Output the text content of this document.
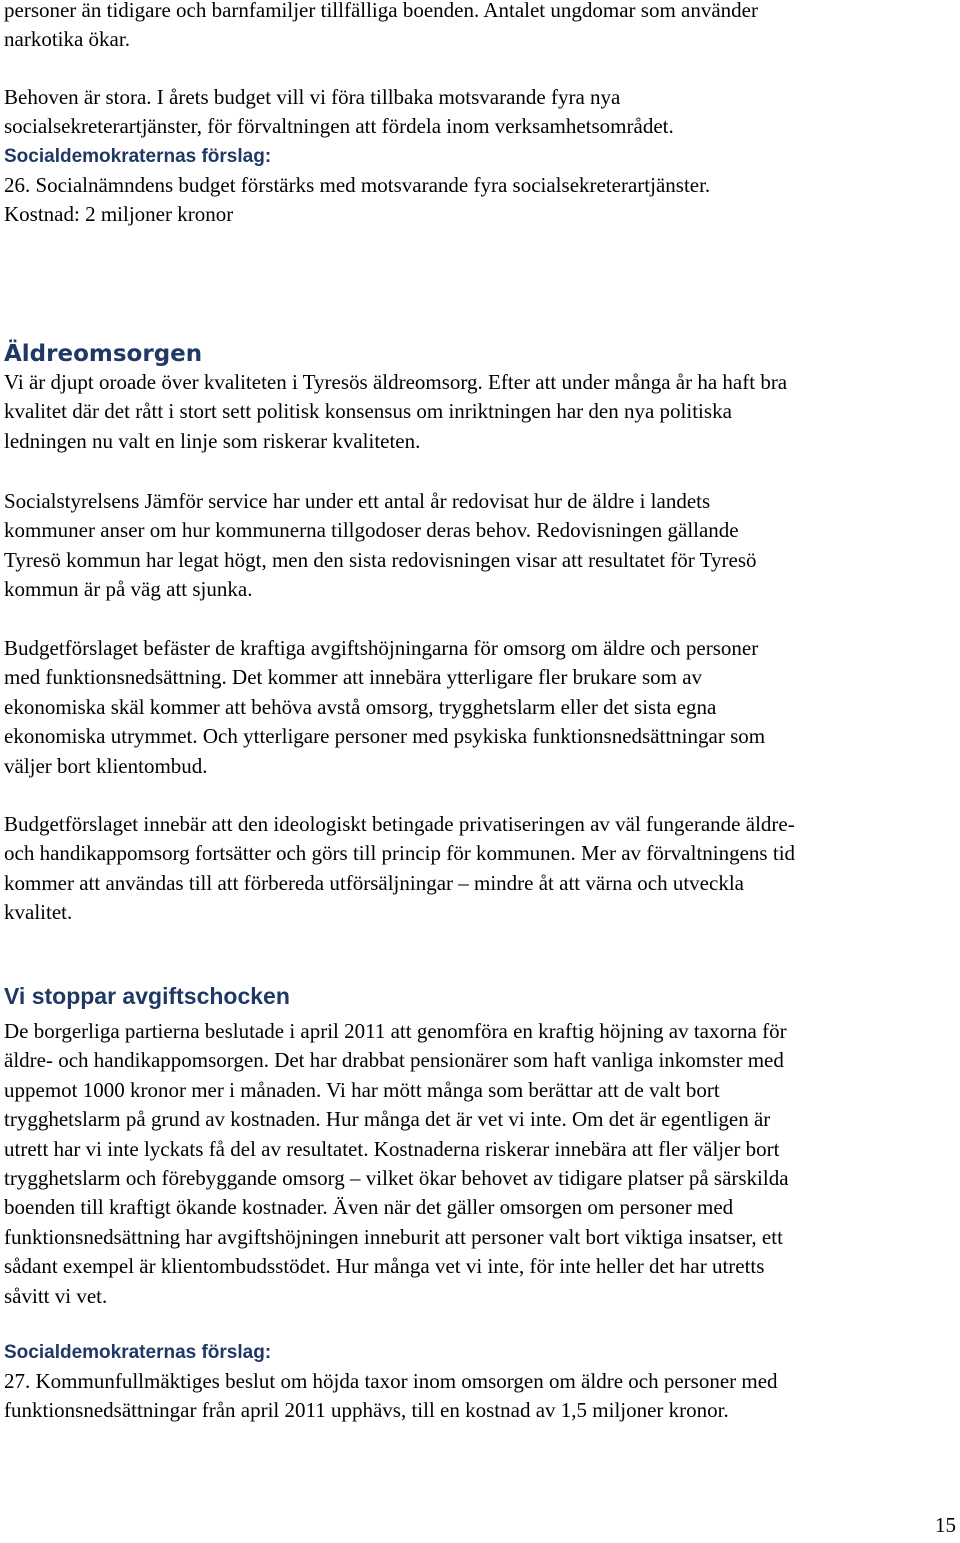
personer än tidigare och barnfamiljer tillfälliga boenden. Antalet ungdomar som använder
narkotika ökar.

Behoven är stora. I årets budget vill vi föra tillbaka motsvarande fyra nya
socialsekreterartjänster, för förvaltningen att fördela inom verksamhetsområdet.

Socialdemokraternas förslag:

26. Socialnämndens budget förstärks med motsvarande fyra socialsekreterartjänster.
Kostnad: 2 miljoner kronor

Äldreomsorgen

Vi är djupt oroade över kvaliteten i Tyresös äldreomsorg. Efter att under många år ha haft bra
kvalitet där det rått i stort sett politisk konsensus om inriktningen har den nya politiska
ledningen nu valt en linje som riskerar kvaliteten.

Socialstyrelsens Jämför service har under ett antal år redovisat hur de äldre i landets
kommuner anser om hur kommunerna tillgodoser deras behov. Redovisningen gällande
Tyresö kommun har legat högt, men den sista redovisningen visar att resultatet för Tyresö
kommun är på väg att sjunka.

Budgetförslaget befäster de kraftiga avgiftshöjningarna för omsorg om äldre och personer
med funktionsnedsättning. Det kommer att innebära ytterligare fler brukare som av
ekonomiska skäl kommer att behöva avstå omsorg, trygghetslarm eller det sista egna
ekonomiska utrymmet. Och ytterligare personer med psykiska funktionsnedsättningar som
väljer bort klientombud.

Budgetförslaget innebär att den ideologiskt betingade privatiseringen av väl fungerande äldre-
och handikappomsorg fortsätter och görs till princip för kommunen. Mer av förvaltningens tid
kommer att användas till att förbereda utförsäljningar – mindre åt att värna och utveckla
kvalitet.

Vi stoppar avgiftschocken

De borgerliga partierna beslutade i april 2011 att genomföra en kraftig höjning av taxorna för
äldre- och handikappomsorgen. Det har drabbat pensionärer som haft vanliga inkomster med
uppemot 1000 kronor mer i månaden. Vi har mött många som berättar att de valt bort
trygghetslarm på grund av kostnaden. Hur många det är vet vi inte. Om det är egentligen är
utrett har vi inte lyckats få del av resultatet. Kostnaderna riskerar innebära att fler väljer bort
trygghetslarm och förebyggande omsorg – vilket ökar behovet av tidigare platser på särskilda
boenden till kraftigt ökande kostnader. Även när det gäller omsorgen om personer med
funktionsnedsättning har avgiftshöjningen inneburit att personer valt bort viktiga insatser, ett
sådant exempel är klientombudsstödet. Hur många vet vi inte, för inte heller det har utretts
såvitt vi vet.

Socialdemokraternas förslag:

27. Kommunfullmäktiges beslut om höjda taxor inom omsorgen om äldre och personer med
funktionsnedsättningar från april 2011 upphävs, till en kostnad av 1,5 miljoner kronor.

15
